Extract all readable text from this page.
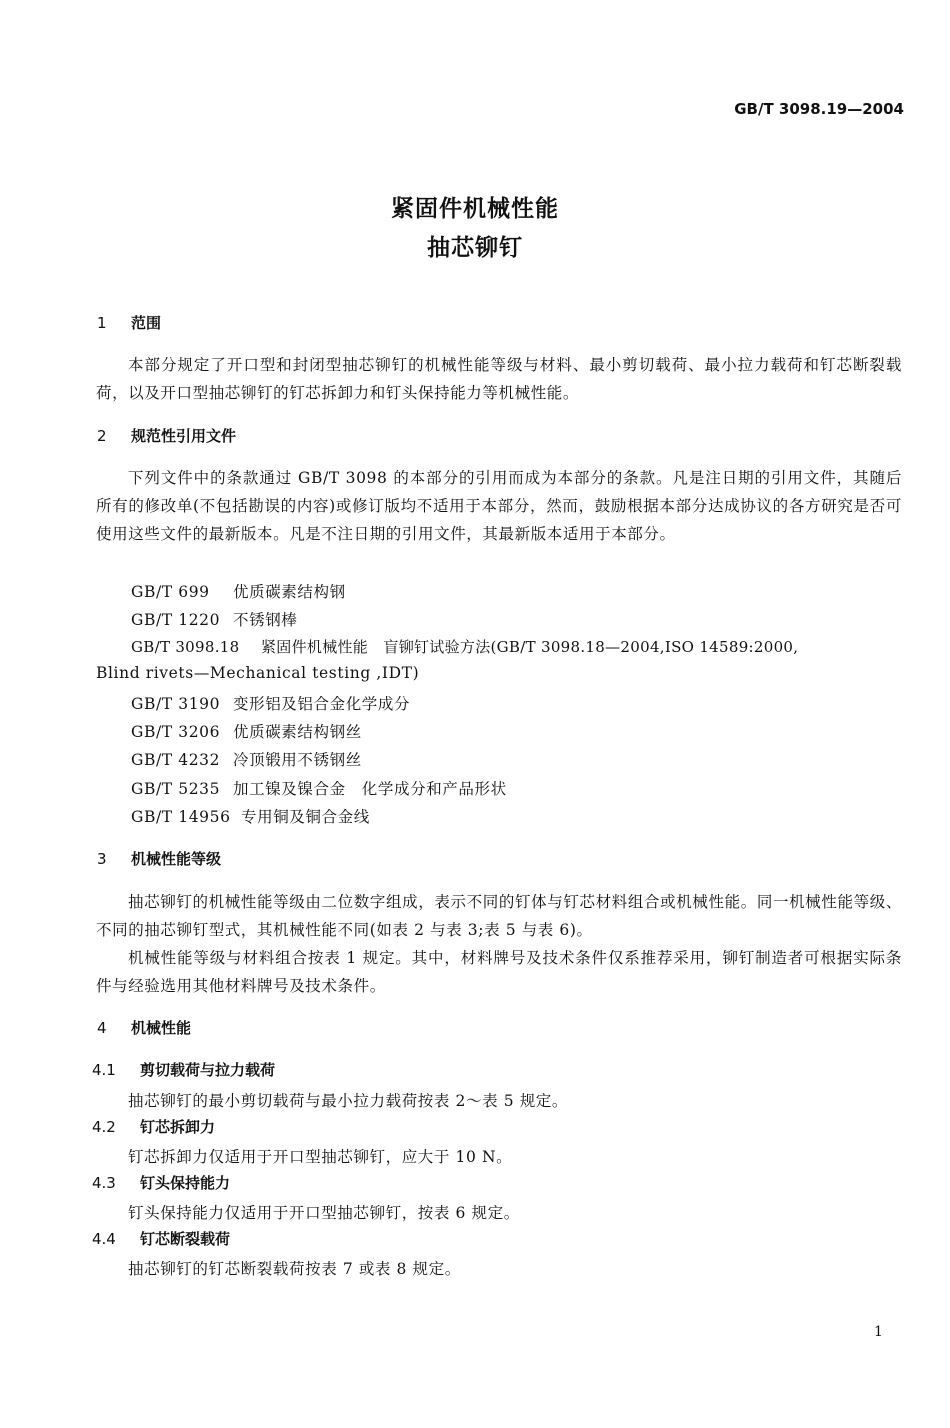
GB/T 3098.19—2004
紧固件机械性能
抽芯铆钉
1 范围
本部分规定了开口型和封闭型抽芯铆钉的机械性能等级与材料、最小剪切载荷、最小拉力载荷和钉芯断裂载荷，以及开口型抽芯铆钉的钉芯拆卸力和钉头保持能力等机械性能。
2 规范性引用文件
下列文件中的条款通过 GB/T 3098 的本部分的引用而成为本部分的条款。凡是注日期的引用文件，其随后所有的修改单(不包括勘误的内容)或修订版均不适用于本部分，然而，鼓励根据本部分达成协议的各方研究是否可使用这些文件的最新版本。凡是不注日期的引用文件，其最新版本适用于本部分。
GB/T 699 优质碳素结构钢
GB/T 1220 不锈钢棒
GB/T 3098.18 紧固件机械性能　盲铆钉试验方法(GB/T 3098.18—2004,ISO 14589:2000,
Blind rivets—Mechanical testing ,IDT)
GB/T 3190 变形铝及铝合金化学成分
GB/T 3206 优质碳素结构钢丝
GB/T 4232 冷顶锻用不锈钢丝
GB/T 5235 加工镍及镍合金　化学成分和产品形状
GB/T 14956 专用铜及铜合金线
3 机械性能等级
抽芯铆钉的机械性能等级由二位数字组成，表示不同的钉体与钉芯材料组合或机械性能。同一机械性能等级、不同的抽芯铆钉型式，其机械性能不同(如表 2 与表 3;表 5 与表 6)。
机械性能等级与材料组合按表 1 规定。其中，材料牌号及技术条件仅系推荐采用，铆钉制造者可根据实际条件与经验选用其他材料牌号及技术条件。
4 机械性能
4.1 剪切载荷与拉力载荷
抽芯铆钉的最小剪切载荷与最小拉力载荷按表 2～表 5 规定。
4.2 钉芯拆卸力
钉芯拆卸力仅适用于开口型抽芯铆钉，应大于 10 N。
4.3 钉头保持能力
钉头保持能力仅适用于开口型抽芯铆钉，按表 6 规定。
4.4 钉芯断裂载荷
抽芯铆钉的钉芯断裂载荷按表 7 或表 8 规定。
1
